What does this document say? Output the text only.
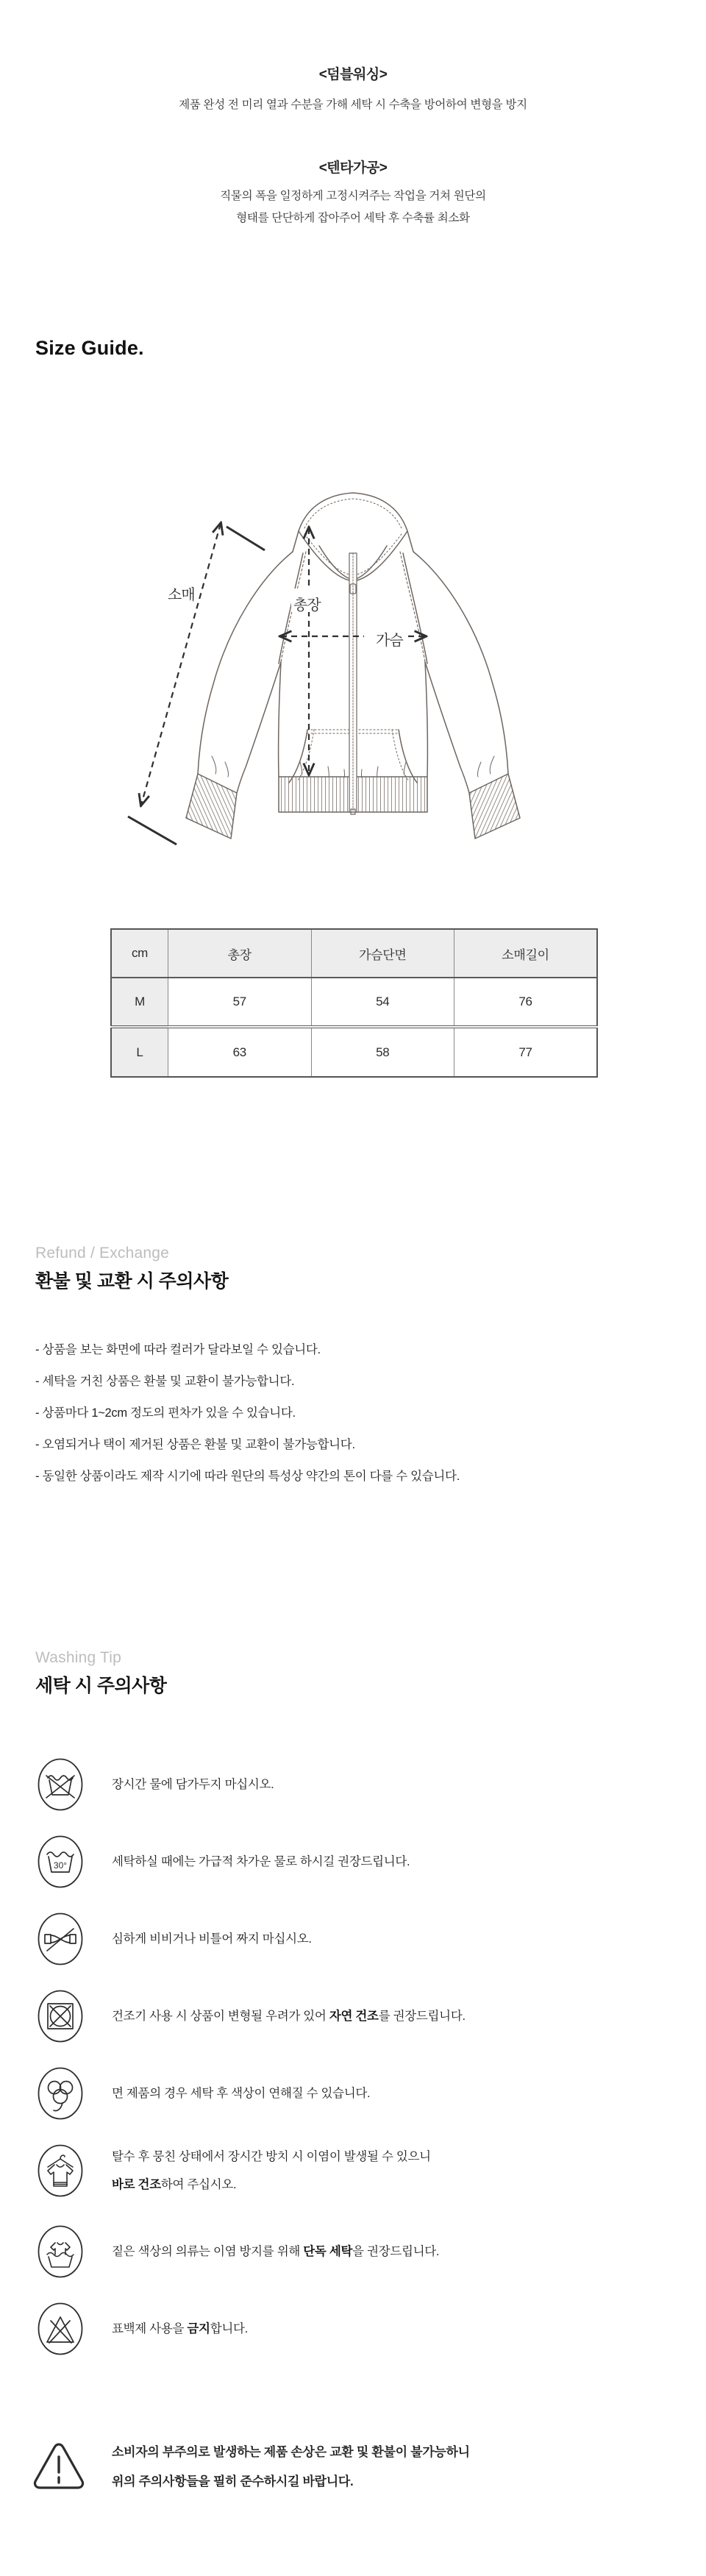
<덤블워싱>
제품 완성 전 미리 열과 수분을 가해 세탁 시 수축을 방어하여 변형을 방지
<텐타가공>
직물의 폭을 일정하게 고정시켜주는 작업을 거쳐 원단의
형태를 단단하게 잡아주어 세탁 후 수축률 최소화
Size Guide.
소매
총장
가슴
cm	총장	가슴단면	소매길이
M	57	54	76
L	63	58	77
Refund / Exchange
환불 및 교환 시 주의사항
- 상품을 보는 화면에 따라 컬러가 달라보일 수 있습니다.
- 세탁을 거친 상품은 환불 및 교환이 불가능합니다.
- 상품마다 1~2cm 정도의 편차가 있을 수 있습니다.
- 오염되거나 택이 제거된 상품은 환불 및 교환이 불가능합니다.
- 동일한 상품이라도 제작 시기에 따라 원단의 특성상 약간의 톤이 다를 수 있습니다.
Washing Tip
세탁 시 주의사항
장시간 물에 담가두지 마십시오.
30°	세탁하실 때에는 가급적 차가운 물로 하시길 권장드립니다.
심하게 비비거나 비틀어 짜지 마십시오.
건조기 사용 시 상품이 변형될 우려가 있어 자연 건조를 권장드립니다.
면 제품의 경우 세탁 후 색상이 연해질 수 있습니다.
탈수 후 뭉친 상태에서 장시간 방치 시 이염이 발생될 수 있으니
바로 건조하여 주십시오.
짙은 색상의 의류는 이염 방지를 위해 단독 세탁을 권장드립니다.
표백제 사용을 금지합니다.
소비자의 부주의로 발생하는 제품 손상은 교환 및 환불이 불가능하니
위의 주의사항들을 필히 준수하시길 바랍니다.
